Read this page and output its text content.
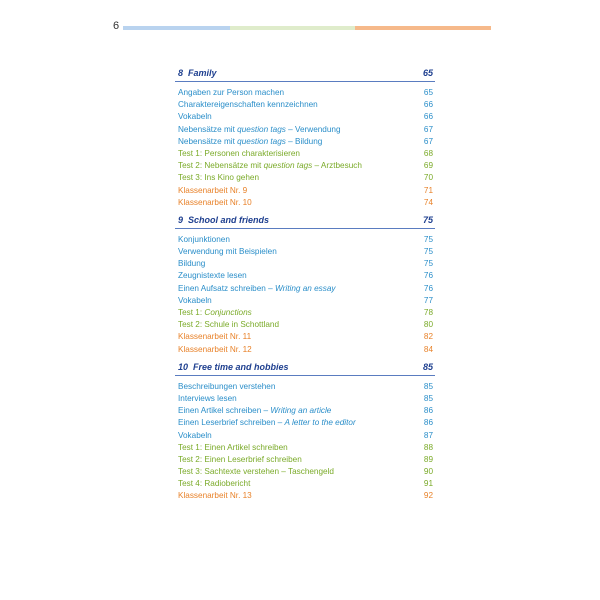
6
8 Family	65
Angaben zur Person machen	65
Charaktereigenschaften kennzeichnen	66
Vokabeln	66
Nebensätze mit question tags – Verwendung	67
Nebensätze mit question tags – Bildung	67
Test 1: Personen charakterisieren	68
Test 2: Nebensätze mit question tags – Arztbesuch	69
Test 3: Ins Kino gehen	70
Klassenarbeit Nr. 9	71
Klassenarbeit Nr. 10	74
9 School and friends	75
Konjunktionen	75
Verwendung mit Beispielen	75
Bildung	75
Zeugnistexte lesen	76
Einen Aufsatz schreiben – Writing an essay	76
Vokabeln	77
Test 1: Conjunctions	78
Test 2: Schule in Schottland	80
Klassenarbeit Nr. 11	82
Klassenarbeit Nr. 12	84
10 Free time and hobbies	85
Beschreibungen verstehen	85
Interviews lesen	85
Einen Artikel schreiben – Writing an article	86
Einen Leserbrief schreiben – A letter to the editor	86
Vokabeln	87
Test 1: Einen Artikel schreiben	88
Test 2: Einen Leserbrief schreiben	89
Test 3: Sachtexte verstehen – Taschengeld	90
Test 4: Radiobericht	91
Klassenarbeit Nr. 13	92
